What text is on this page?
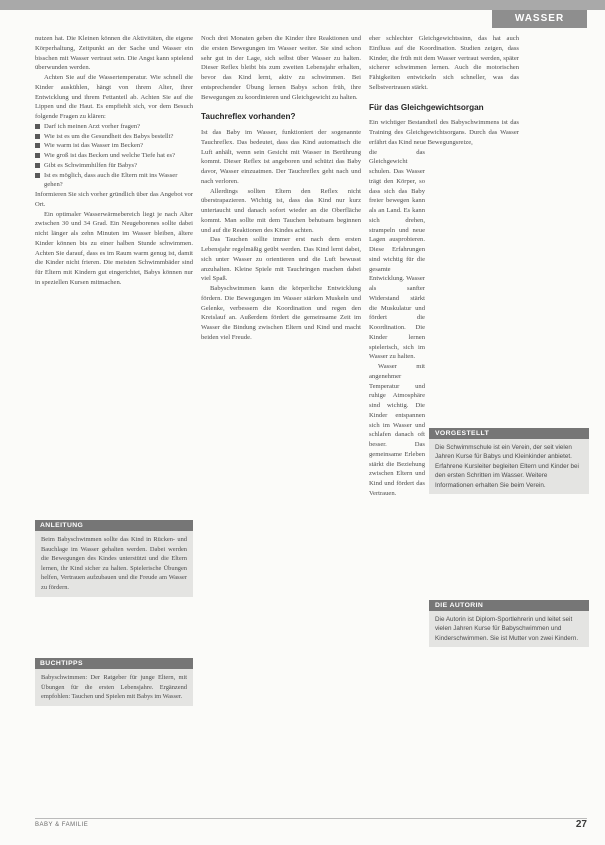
WASSER

nutzen hat. Die Kleinen können die Aktivitäten, die eigene Körperhaltung, Zeitpunkt an der Sache und Wasser ein bisschen mit Wasser vertraut sein. Die Angst kann spielend überwunden werden.

Achten Sie auf die Wassertemperatur. Wie schnell die Kinder auskühlen, hängt von ihrem Alter, ihrer Entwicklung und ihrem Fettanteil ab. Achten Sie auf die Lippen und die Haut. Es empfiehlt sich, vor dem Besuch folgende Fragen zu klären:

Darf ich meinen Arzt vorher fragen?
Wie ist es um die Gesundheit des Babys bestellt?
Wie warm ist das Wasser im Becken?
Wie groß ist das Becken und welche Tiefe hat es?
Gibt es Schwimmhilfen für Babys?
Ist es möglich, dass auch die Eltern mit ins Wasser gehen?

Informieren Sie sich vorher gründlich über das Angebot vor Ort.

Ein optimaler Wasserwärmebereich liegt je nach Alter zwischen 30 und 34 Grad. Ein Neugeborenes sollte dabei nicht länger als zehn Minuten im Wasser bleiben, ältere Kinder können bis zu einer halben Stunde schwimmen. Achten Sie darauf, dass es im Raum warm genug ist, damit die Kinder nicht frieren. Die meisten Schwimmbäder sind für Eltern mit Kindern gut eingerichtet, Babys können nur in speziellen Kursen mitmachen.

ANLEITUNG

Beim Babyschwimmen sollte das Kind in Rücken- und Bauchlage im Wasser gehalten werden. Dabei werden die Bewegungen des Kindes unterstützt und die Eltern lernen, ihr Kind sicher zu halten. Spielerische Übungen helfen, Vertrauen aufzubauen und die Freude am Wasser zu fördern.

BUCHTIPPS

Babyschwimmen: Der Ratgeber für junge Eltern, mit Übungen für die ersten Lebensjahre. Ergänzend empfohlen: Tauchen und Spielen mit Babys im Wasser.

Noch drei Monaten geben die Kinder ihre Reaktionen und die ersten Bewegungen im Wasser weiter. Sie sind schon sehr gut in der Lage, sich selbst über Wasser zu halten. Dieser Reflex bleibt bis zum zweiten Lebensjahr erhalten, bevor das Kind lernt, aktiv zu schwimmen. Bei entsprechender Übung lernen Babys schon früh, ihre Bewegungen zu koordinieren und Gleichgewicht zu halten.

Tauchreflex vorhanden?

Ist das Baby im Wasser, funktioniert der sogenannte Tauchreflex. Das bedeutet, dass das Kind automatisch die Luft anhält, wenn sein Gesicht mit Wasser in Berührung kommt. Dieser Reflex ist angeboren und schützt das Baby davor, Wasser einzuatmen. Der Tauchreflex geht nach und nach verloren.

Allerdings sollten Eltern den Reflex nicht überstrapazieren. Wichtig ist, dass das Kind nur kurz untertaucht und danach sofort wieder an die Oberfläche kommt. Man sollte mit dem Tauchen behutsam beginnen und auf die Reaktionen des Kindes achten.

Das Tauchen sollte immer erst nach dem ersten Lebensjahr regelmäßig geübt werden. Das Kind lernt dabei, sich unter Wasser zu orientieren und die Luft bewusst anzuhalten. Kleine Spiele mit Tauchringen machen dabei viel Spaß.

Babyschwimmen kann die körperliche Entwicklung fördern. Die Bewegungen im Wasser stärken Muskeln und Gelenke, verbessern die Koordination und regen den Kreislauf an. Außerdem fördert die gemeinsame Zeit im Wasser die Bindung zwischen Eltern und Kind und macht beiden viel Freude.

eher schlechter Gleichgewichtssinn, das hat auch Einfluss auf die Koordination. Studien zeigen, dass Kinder, die früh mit dem Wasser vertraut werden, später sicherer schwimmen lernen. Auch die motorischen Fähigkeiten entwickeln sich schneller, was das Selbstvertrauen stärkt.

Für das Gleichgewichtsorgan

Ein wichtiger Bestandteil des Babyschwimmens ist das Training des Gleichgewichtsorgans. Durch das Wasser erfährt das Kind neue Bewegungsreize,

die das Gleichgewicht schulen. Das Wasser trägt den Körper, so dass sich das Baby freier bewegen kann als an Land. Es kann sich drehen, strampeln und neue Lagen ausprobieren. Diese Erfahrungen sind wichtig für die gesamte Entwicklung. Wasser als sanfter Widerstand stärkt die Muskulatur und fördert die Koordination. Die Kinder lernen spielerisch, sich im Wasser zu halten.

Wasser mit angenehmer Temperatur und ruhige Atmosphäre sind wichtig. Die Kinder entspannen sich im Wasser und schlafen danach oft besser. Das gemeinsame Erleben stärkt die Beziehung zwischen Eltern und Kind und fördert das Vertrauen.

VORGESTELLT

Die Schwimmschule ist ein Verein, der seit vielen Jahren Kurse für Babys und Kleinkinder anbietet. Erfahrene Kursleiter begleiten Eltern und Kinder bei den ersten Schritten im Wasser. Weitere Informationen erhalten Sie beim Verein.

DIE AUTORIN

Die Autorin ist Diplom-Sportlehrerin und leitet seit vielen Jahren Kurse für Babyschwimmen und Kinderschwimmen. Sie ist Mutter von zwei Kindern.

BABY & FAMILIE	27
